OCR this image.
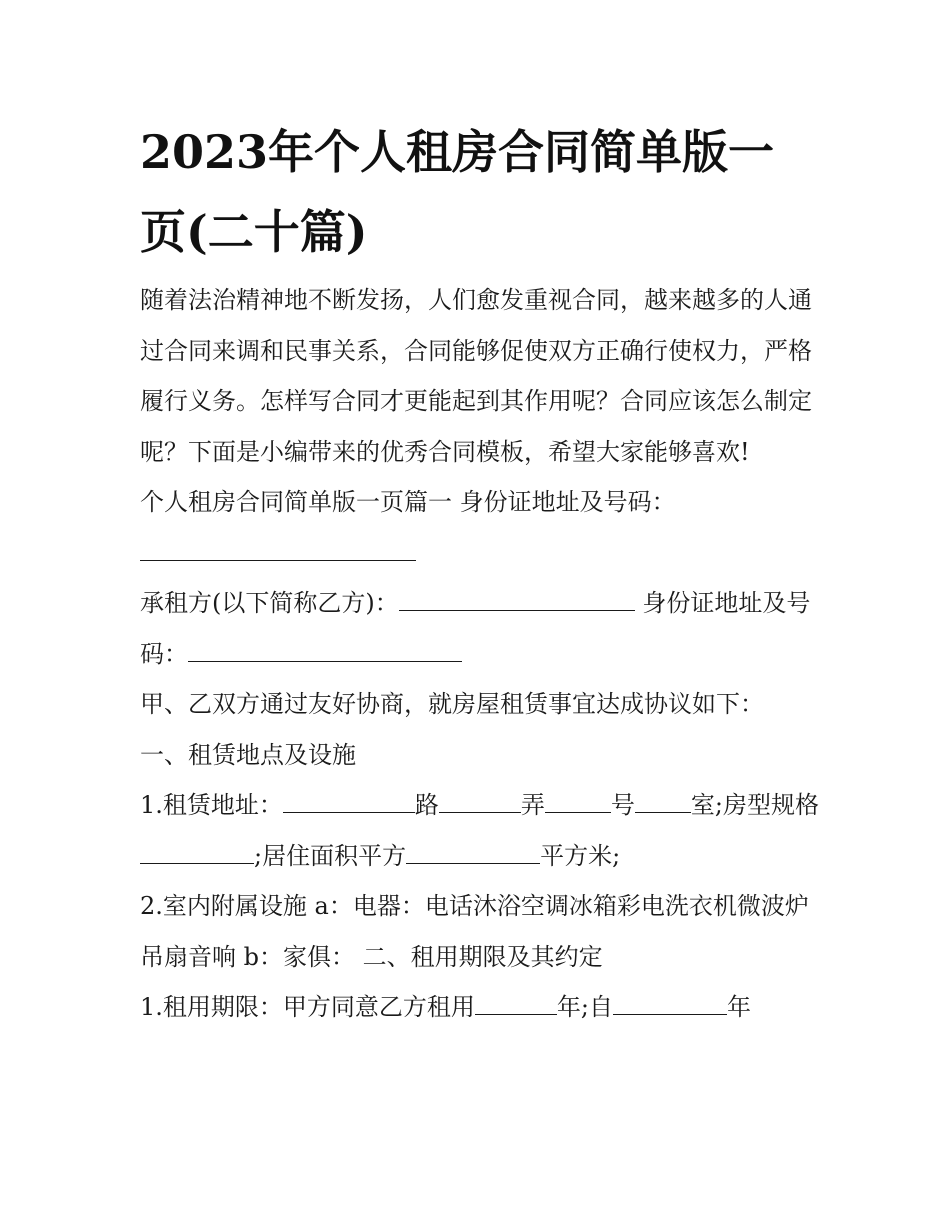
2023年个人租房合同简单版一页(二十篇)

随着法治精神地不断发扬，人们愈发重视合同，越来越多的人通过合同来调和民事关系，合同能够促使双方正确行使权力，严格履行义务。怎样写合同才更能起到其作用呢？合同应该怎么制定呢？下面是小编带来的优秀合同模板，希望大家能够喜欢!

个人租房合同简单版一页篇一 身份证地址及号码：

承租方(以下简称乙方)：	身份证地址及号码：

甲、乙双方通过友好协商，就房屋租赁事宜达成协议如下：

一、租赁地点及设施

1.租赁地址：	路	弄	号 室;房型规格;居住面积平方	平方米;

2.室内附属设施 a：电器：电话沐浴空调冰箱彩电洗衣机微波炉吊扇音响 b：家俱： 二、租用期限及其约定

1.租用期限：甲方同意乙方租用	年;自	年
